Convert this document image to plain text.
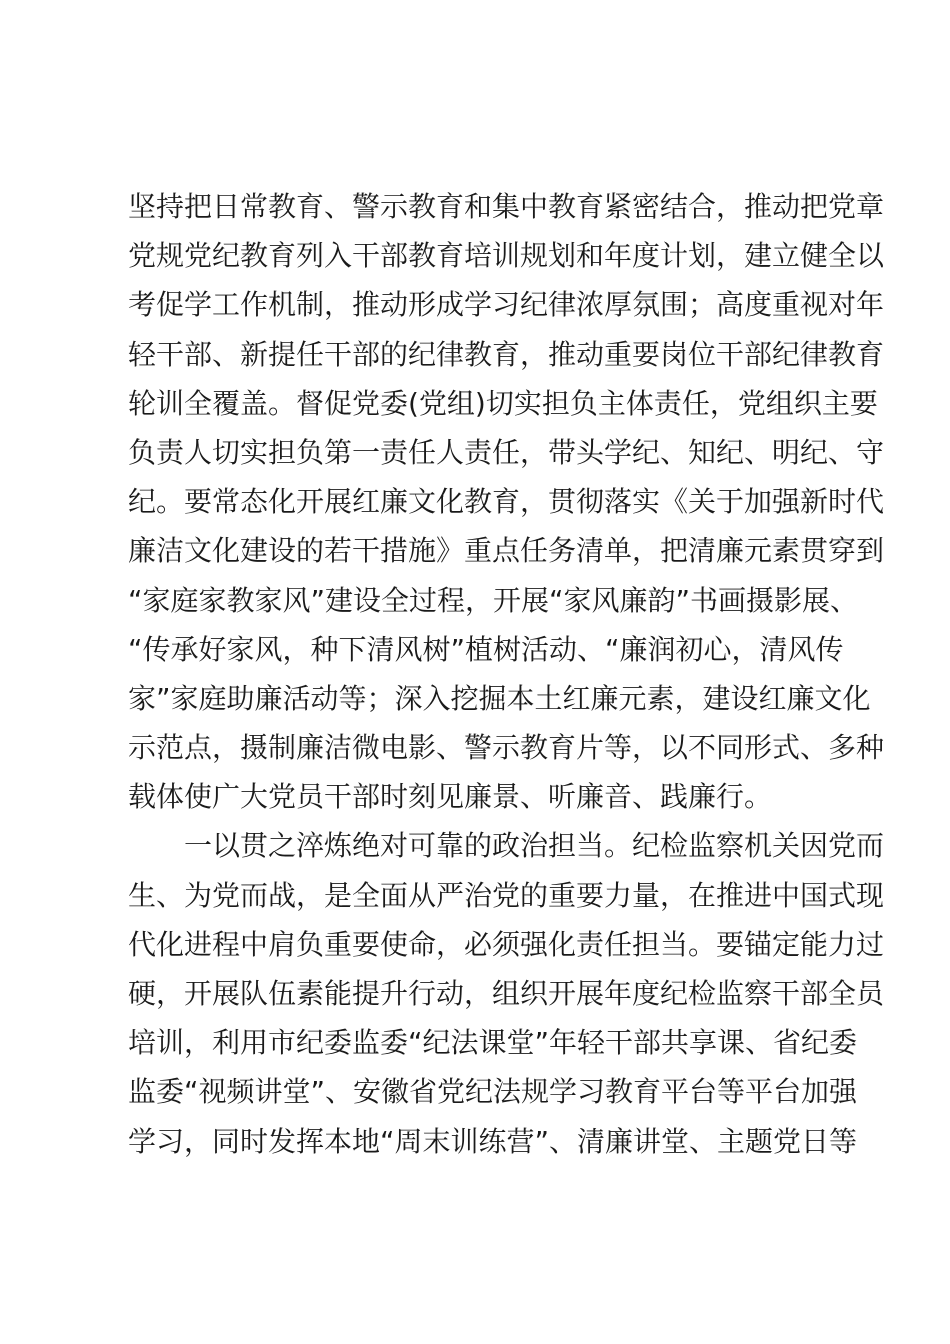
坚持把日常教育、警示教育和集中教育紧密结合，推动把党章
党规党纪教育列入干部教育培训规划和年度计划，建立健全以
考促学工作机制，推动形成学习纪律浓厚氛围；高度重视对年
轻干部、新提任干部的纪律教育，推动重要岗位干部纪律教育
轮训全覆盖。督促党委(党组)切实担负主体责任，党组织主要
负责人切实担负第一责任人责任，带头学纪、知纪、明纪、守
纪。要常态化开展红廉文化教育，贯彻落实《关于加强新时代
廉洁文化建设的若干措施》重点任务清单，把清廉元素贯穿到
“家庭家教家风”建设全过程，开展“家风廉韵”书画摄影展、
“传承好家风，种下清风树”植树活动、“廉润初心，清风传
家”家庭助廉活动等；深入挖掘本土红廉元素，建设红廉文化
示范点，摄制廉洁微电影、警示教育片等，以不同形式、多种
载体使广大党员干部时刻见廉景、听廉音、践廉行。
一以贯之淬炼绝对可靠的政治担当。纪检监察机关因党而
生、为党而战，是全面从严治党的重要力量，在推进中国式现
代化进程中肩负重要使命，必须强化责任担当。要锚定能力过
硬，开展队伍素能提升行动，组织开展年度纪检监察干部全员
培训，利用市纪委监委“纪法课堂”年轻干部共享课、省纪委
监委“视频讲堂”、安徽省党纪法规学习教育平台等平台加强
学习，同时发挥本地“周末训练营”、清廉讲堂、主题党日等
